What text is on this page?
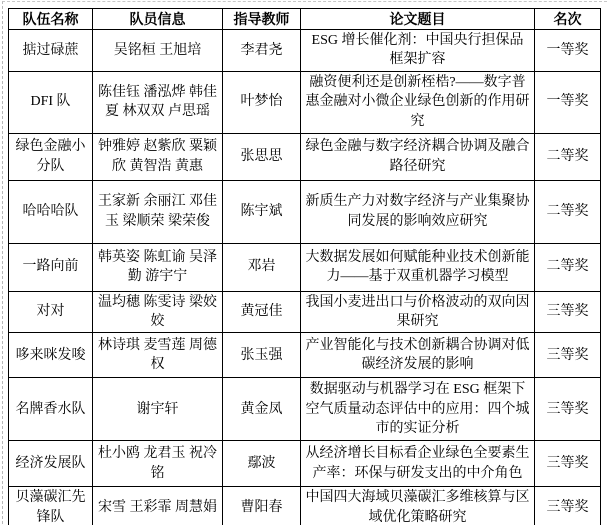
队伍名称	队员信息	指导教师	论文题目	名次
掂过碌蔗	吴铭桓 王旭培	李君尧	ESG 增长催化剂：中国央行担保品框架扩容	一等奖
DFI 队	陈佳钰 潘泓烨 韩佳夏 林双双 卢思瑶	叶梦怡	融资便利还是创新桎梏?——数字普惠金融对小微企业绿色创新的作用研究	一等奖
绿色金融小分队	钟雅婷 赵紫欣 粟颖欣 黄智浩 黄惠	张思思	绿色金融与数字经济耦合协调及融合路径研究	二等奖
哈哈哈队	王家新 余丽江 邓佳玉 梁顺荣 梁荣俊	陈宇斌	新质生产力对数字经济与产业集聚协同发展的影响效应研究	二等奖
一路向前	韩英姿 陈虹谕 吴泽勤 游宇宁	邓岩	大数据发展如何赋能种业技术创新能力——基于双重机器学习模型	二等奖
对对	温均穗 陈雯诗 梁姣姣	黄冠佳	我国小麦进出口与价格波动的双向因果研究	三等奖
哆来咪发唆	林诗琪 麦雪莲 周德权	张玉强	产业智能化与技术创新耦合协调对低碳经济发展的影响	三等奖
名牌香水队	谢宇轩	黄金凤	数据驱动与机器学习在 ESG 框架下空气质量动态评估中的应用：四个城市的实证分析	三等奖
经济发展队	杜小鸥 龙君玉 祝冷铭	鄢波	从经济增长目标看企业绿色全要素生产率：环保与研发支出的中介角色	三等奖
贝藻碳汇先锋队	宋雪 王彩霏 周慧娟	曹阳春	中国四大海域贝藻碳汇多维核算与区域优化策略研究	三等奖
